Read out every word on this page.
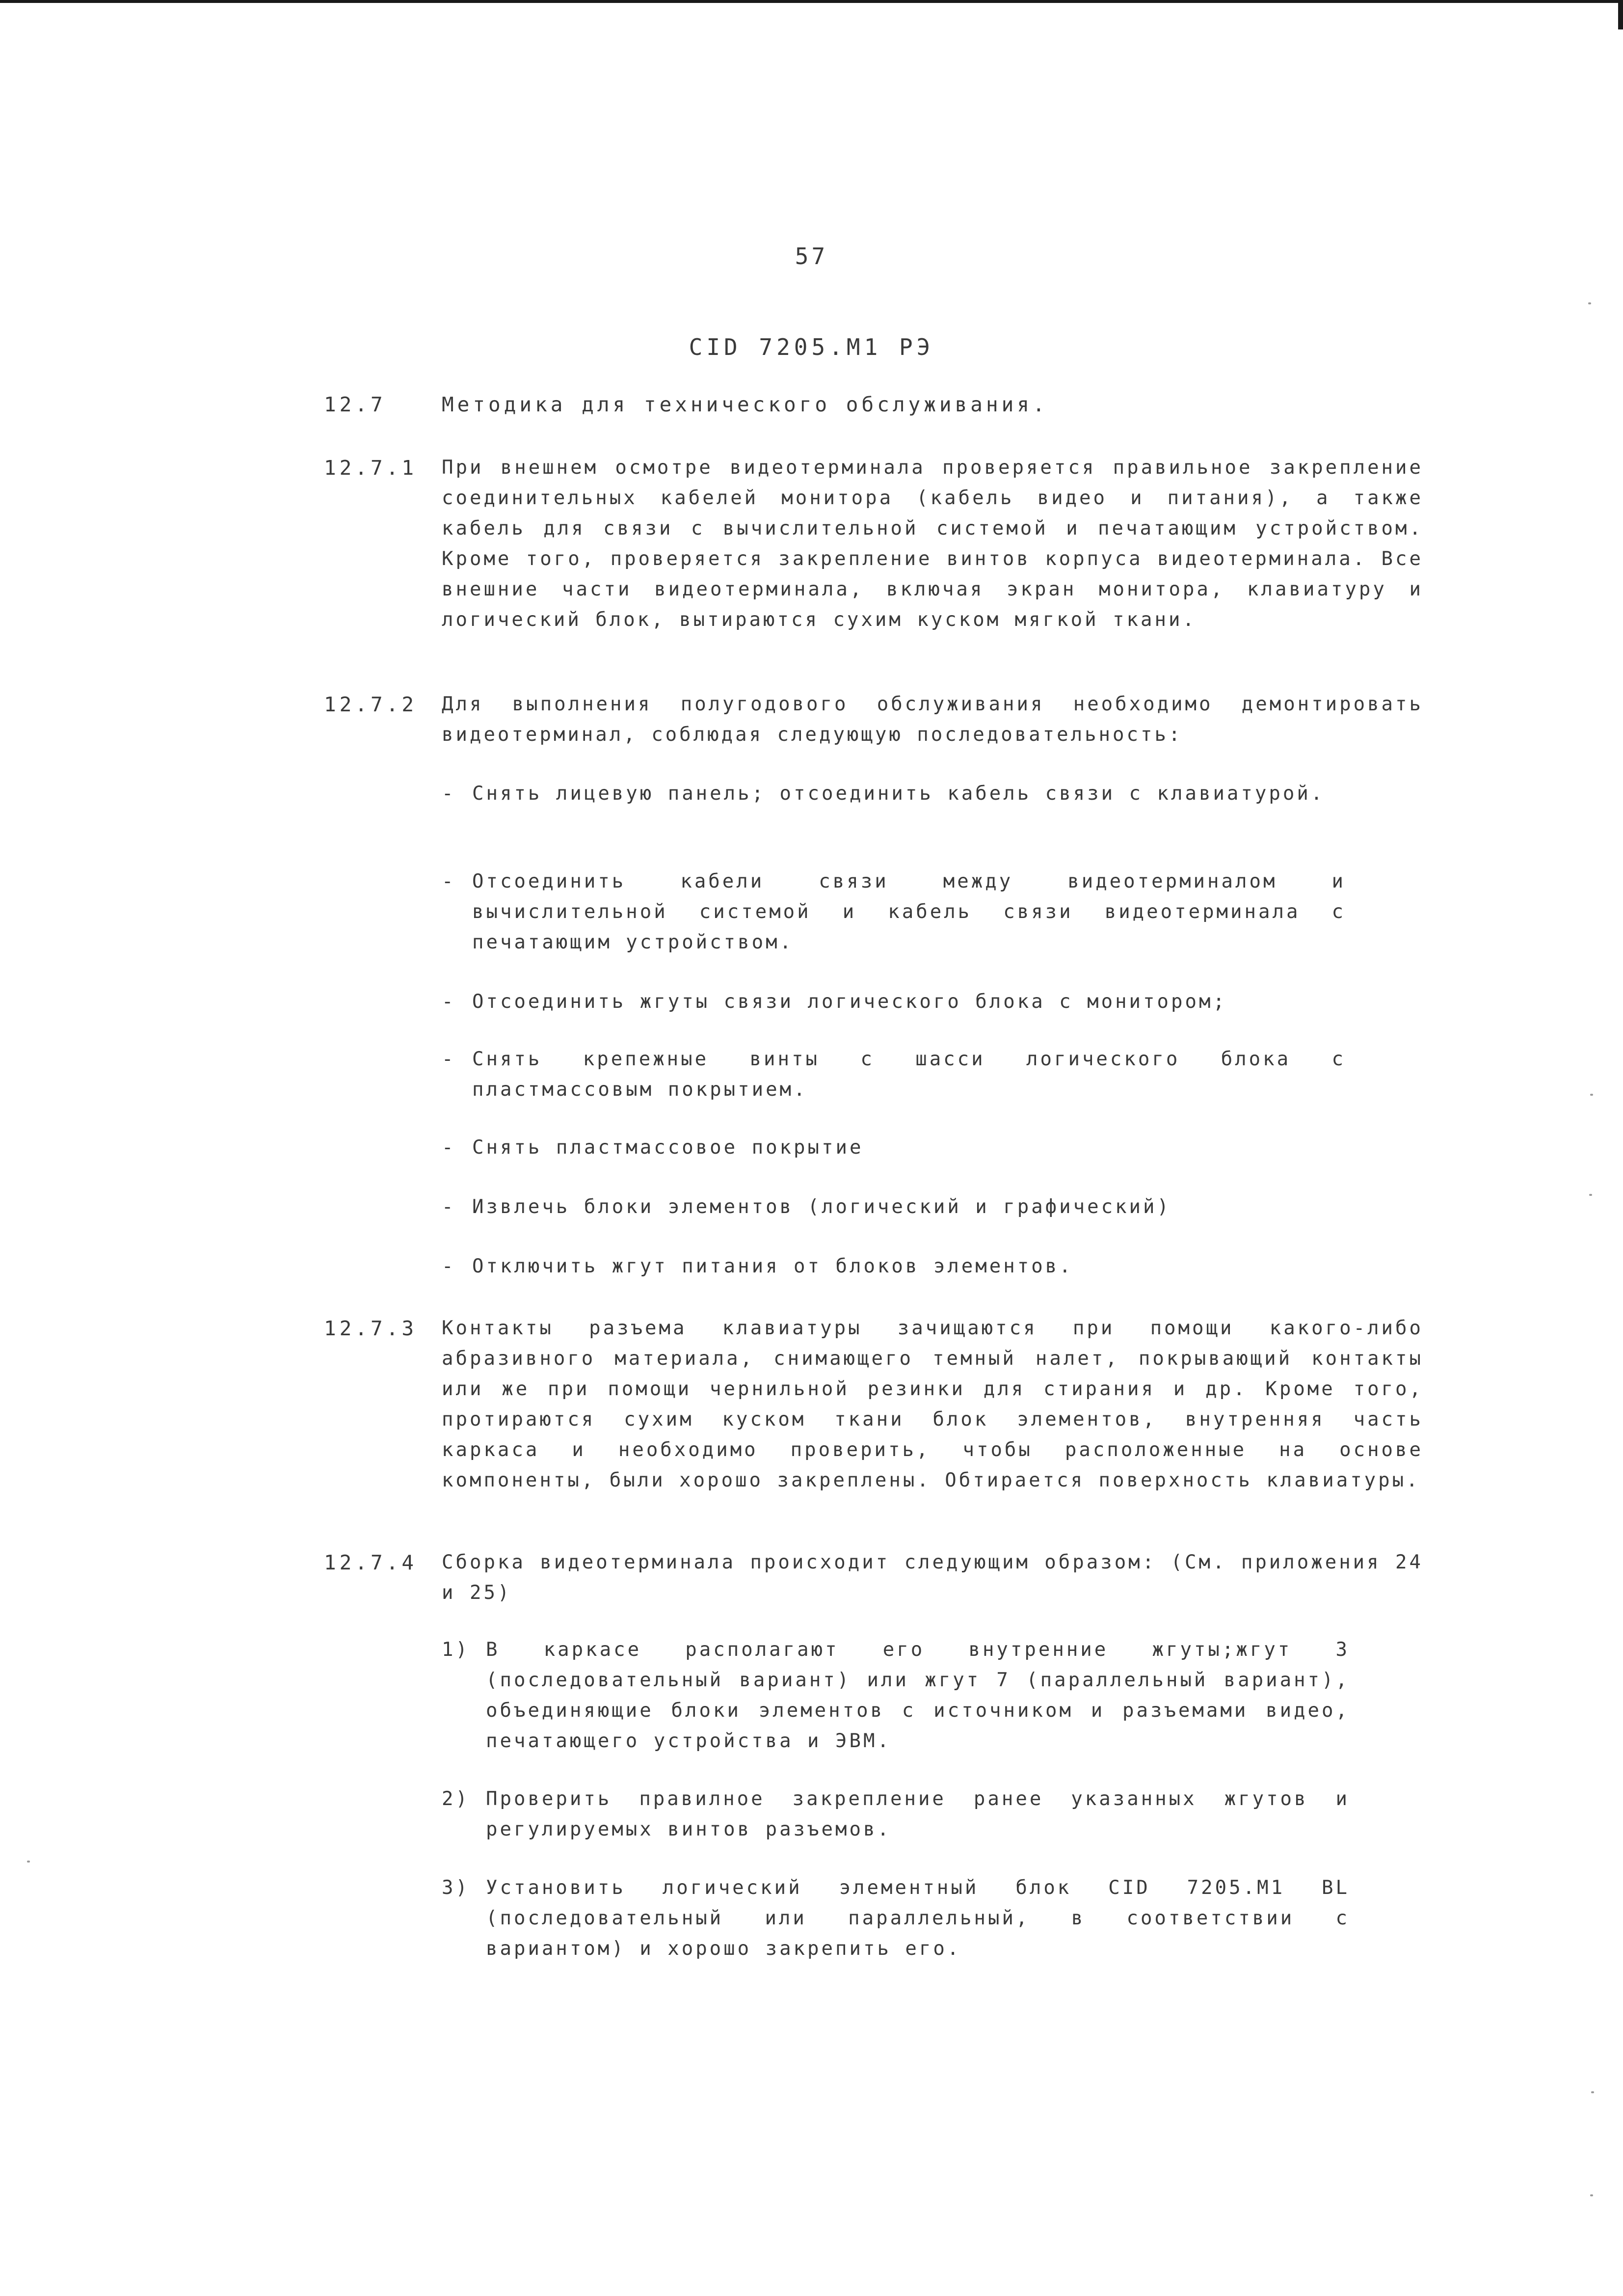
57
CID 7205.M1 РЭ
12.7	Методика для технического обслуживания.
12.7.1 При внешнем осмотре видеотерминала проверяется правильное закрепление соединительных кабелей монитора (кабель видео и питания), а также кабель для связи с вычислительной системой и печатающим устройством. Кроме того, проверяется закрепление винтов корпуса видеотерминала. Все внешние части видеотерминала, включая экран монитора, клавиатуру и логический блок, вытираются сухим куском мягкой ткани.
12.7.2 Для выполнения полугодового обслуживания необходимо демонтировать видеотерминал, соблюдая следующую последовательность:
- Снять лицевую панель; отсоединить кабель связи с клавиатурой.
- Отсоединить кабели связи между видеотерминалом и вычислительной системой и кабель связи видеотерминала с печатающим устройством.
- Отсоединить жгуты связи логического блока с монитором;
- Снять крепежные винты с шасси логического блока с пластмассовым покрытием.
- Снять пластмассовое покрытие
- Извлечь блоки элементов (логический и графический)
- Отключить жгут питания от блоков элементов.
12.7.3 Контакты разъема клавиатуры зачищаются при помощи какого-либо абразивного материала, снимающего темный налет, покрывающий контакты или же при помощи чернильной резинки для стирания и др. Кроме того, протираются сухим куском ткани блок элементов, внутренняя часть каркаса и необходимо проверить, чтобы расположенные на основе компоненты, были хорошо закреплены. Обтирается поверхность клавиатуры.
12.7.4 Сборка видеотерминала происходит следующим образом: (См. приложения 24 и 25)
1) В каркасе располагают его внутренние жгуты;жгут 3 (последовательный вариант) или жгут 7 (параллельный вариант), объединяющие блоки элементов с источником и разъемами видео, печатающего устройства и ЭВМ.
2) Проверить правилное закрепление ранее указанных жгутов и регулируемых винтов разъемов.
3) Установить логический элементный блок CID 7205.M1 BL (последовательный или параллельный, в соответствии с вариантом) и хорошо закрепить его.
